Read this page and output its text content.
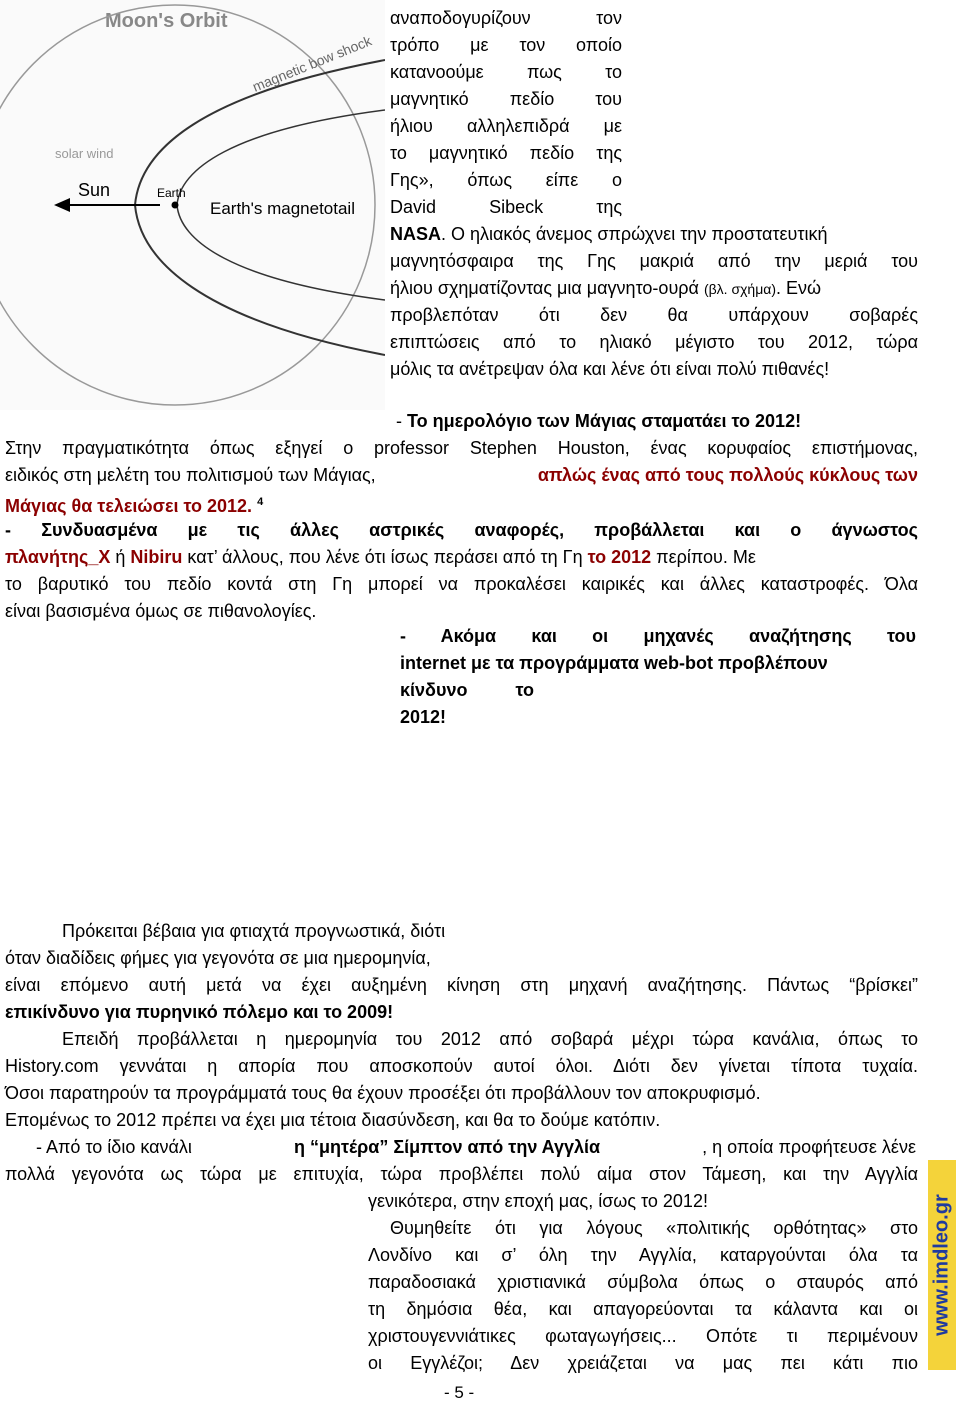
Moon's Orbit
magnetic bow shock
solar wind
Sun	Earth
Earth's magnetotail
αναποδογυρίζουν τον
τρόπο με τον οποίο
κατανοούμε πως το
μαγνητικό πεδίο του
ήλιου αλληλεπιδρά με
το μαγνητικό πεδίο της
Γης», όπως είπε ο
David Sibeck της
NASA. Ο ηλιακός άνεμος σπρώχνει την προστατευτική
μαγνητόσφαιρα της Γης μακριά από την μεριά του
ήλιου σχηματίζοντας μια μαγνητο-ουρά (βλ. σχήμα). Ενώ
προβλεπόταν ότι δεν θα υπάρχουν σοβαρές
επιπτώσεις από το ηλιακό μέγιστο του 2012, τώρα
μόλις τα ανέτρεψαν όλα και λένε ότι είναι πολύ πιθανές!
- Το ημερολόγιο των Μάγιας σταματάει το 2012!
Στην πραγματικότητα όπως εξηγεί ο professor Stephen Houston, ένας κορυφαίος επιστήμονας,
ειδικός στη μελέτη του πολιτισμού των Μάγιας,	απλώς ένας από τους πολλούς κύκλους των
Μάγιας θα τελειώσει το 2012. $^4$
- Συνδυασμένα με τις άλλες αστρικές αναφορές, προβάλλεται και ο άγνωστος
πλανήτης_Χ ή Nibiru κατ’ άλλους, που λένε ότι ίσως περάσει από τη Γη το 2012 περίπου. Με
το βαρυτικό του πεδίο κοντά στη Γη μπορεί να προκαλέσει καιρικές και άλλες καταστροφές. Όλα
είναι βασισμένα όμως σε πιθανολογίες.
- Ακόμα και οι μηχανές αναζήτησης του
internet με τα προγράμματα web-bot προβλέπουν
κίνδυνο το
2012!
Πρόκειται βέβαια για φτιαχτά προγνωστικά, διότι
όταν διαδίδεις φήμες για γεγονότα σε μια ημερομηνία,
είναι επόμενο αυτή μετά να έχει αυξημένη κίνηση στη μηχανή αναζήτησης. Πάντως “βρίσκει”
επικίνδυνο για πυρηνικό πόλεμο και το 2009!
Επειδή προβάλλεται η ημερομηνία του 2012 από σοβαρά μέχρι τώρα κανάλια, όπως το
History.com γεννάται η απορία που αποσκοπούν αυτοί όλοι. Διότι δεν γίνεται τίποτα τυχαία.
Όσοι παρατηρούν τα προγράμματά τους θα έχουν προσέξει ότι προβάλλουν τον αποκρυφισμό.
Επομένως το 2012 πρέπει να έχει μια τέτοια διασύνδεση, και θα το δούμε κατόπιν.
- Από το ίδιο κανάλι	η “μητέρα” Σίμπτον από την Αγγλία	, η οποία προφήτευσε λένε
πολλά γεγονότα ως τώρα με επιτυχία, τώρα προβλέπει πολύ αίμα στον Τάμεση, και την Αγγλία
γενικότερα, στην εποχή μας, ίσως το 2012!
Θυμηθείτε ότι για λόγους «πολιτικής ορθότητας» στο
Λονδίνο και σ’ όλη την Αγγλία, καταργούνται όλα τα
παραδοσιακά χριστιανικά σύμβολα όπως ο σταυρός από
τη δημόσια θέα, και απαγορεύονται τα κάλαντα και οι
χριστουγεννιάτικες φωταγωγήσεις... Οπότε τι περιμένουν
οι Εγγλέζοι; Δεν χρειάζεται να μας πει κάτι πιο
www.imdleo.gr
- 5 -
